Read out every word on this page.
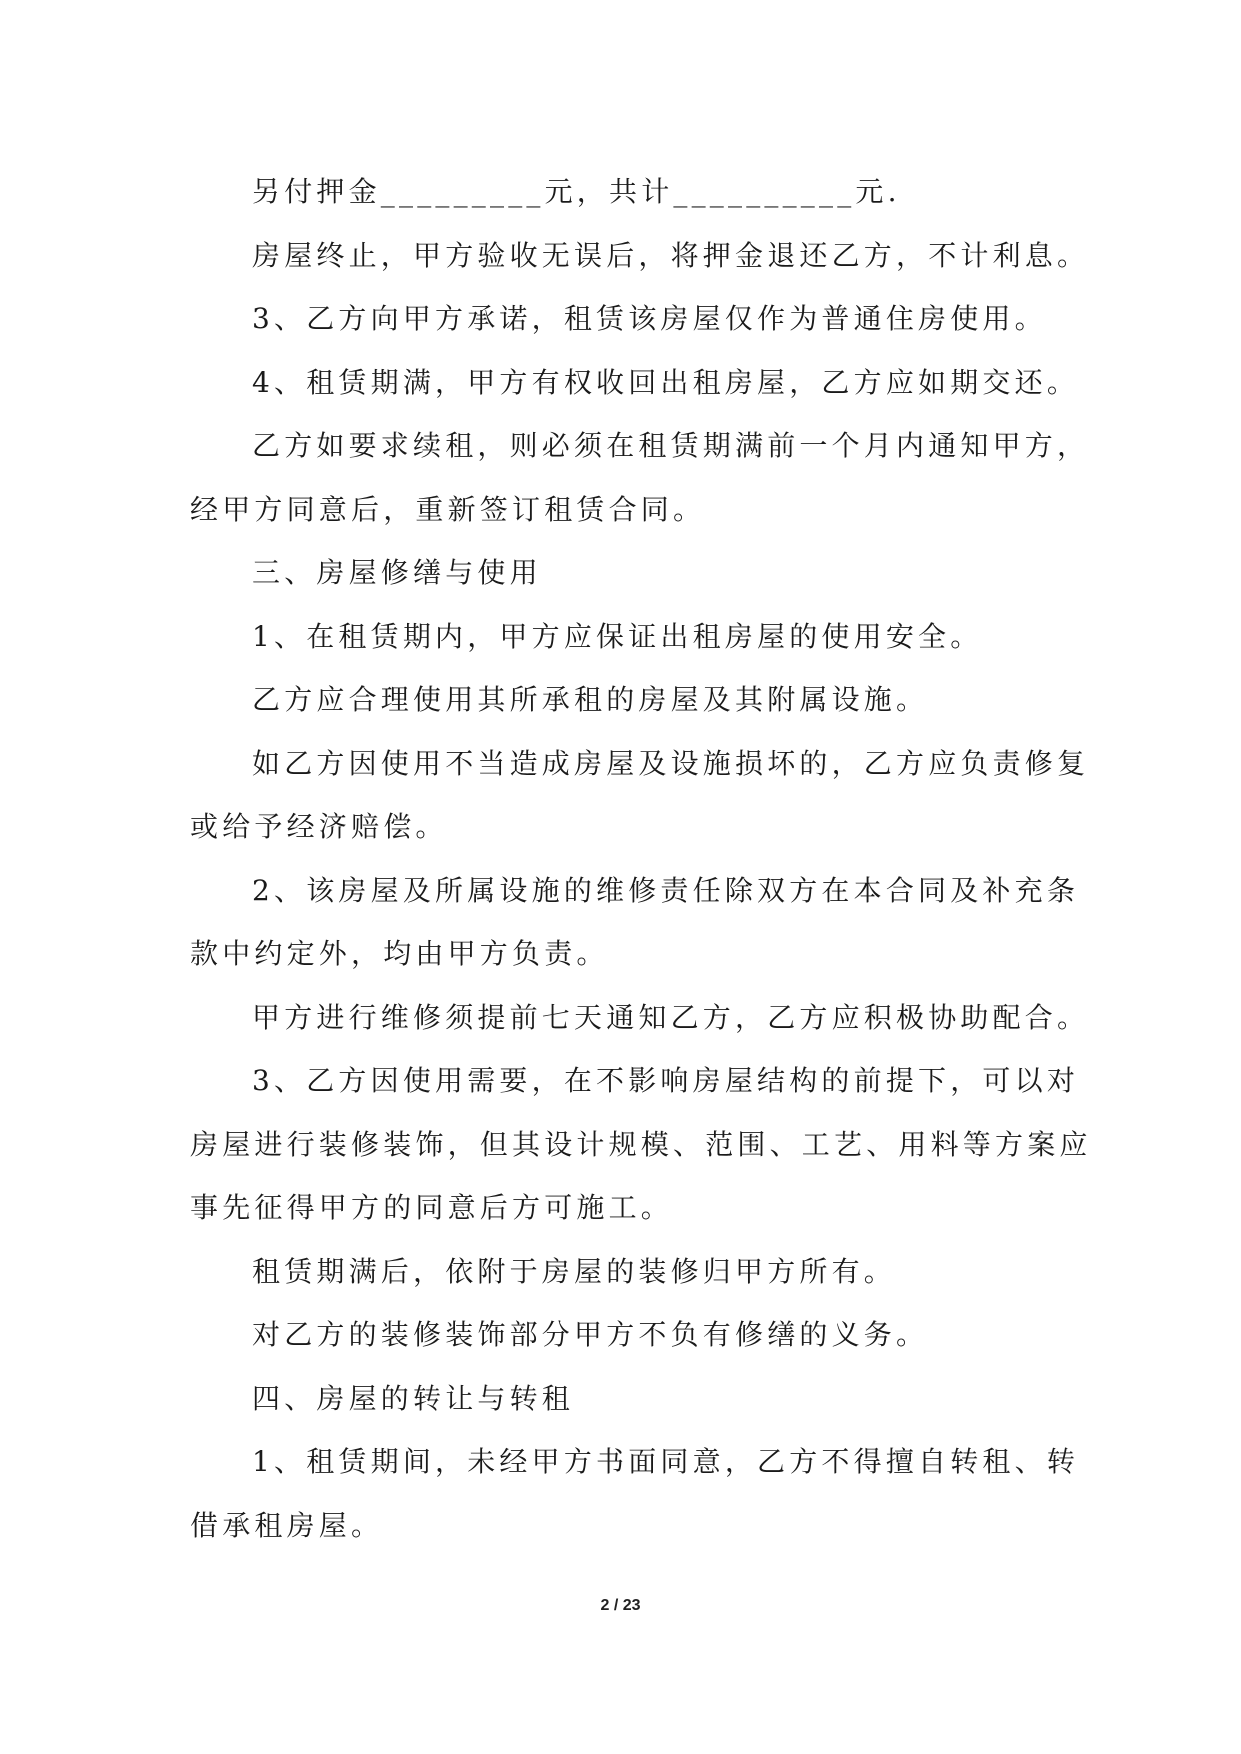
另付押金_________元，共计__________元.
房屋终止，甲方验收无误后，将押金退还乙方，不计利息。
3、乙方向甲方承诺，租赁该房屋仅作为普通住房使用。
4、租赁期满，甲方有权收回出租房屋，乙方应如期交还。
乙方如要求续租，则必须在租赁期满前一个月内通知甲方，
经甲方同意后，重新签订租赁合同。
三、房屋修缮与使用
1、在租赁期内，甲方应保证出租房屋的使用安全。
乙方应合理使用其所承租的房屋及其附属设施。
如乙方因使用不当造成房屋及设施损坏的，乙方应负责修复
或给予经济赔偿。
2、该房屋及所属设施的维修责任除双方在本合同及补充条
款中约定外，均由甲方负责。
甲方进行维修须提前七天通知乙方，乙方应积极协助配合。
3、乙方因使用需要，在不影响房屋结构的前提下，可以对
房屋进行装修装饰，但其设计规模、范围、工艺、用料等方案应
事先征得甲方的同意后方可施工。
租赁期满后，依附于房屋的装修归甲方所有。
对乙方的装修装饰部分甲方不负有修缮的义务。
四、房屋的转让与转租
1、租赁期间，未经甲方书面同意，乙方不得擅自转租、转
借承租房屋。
2 / 23
